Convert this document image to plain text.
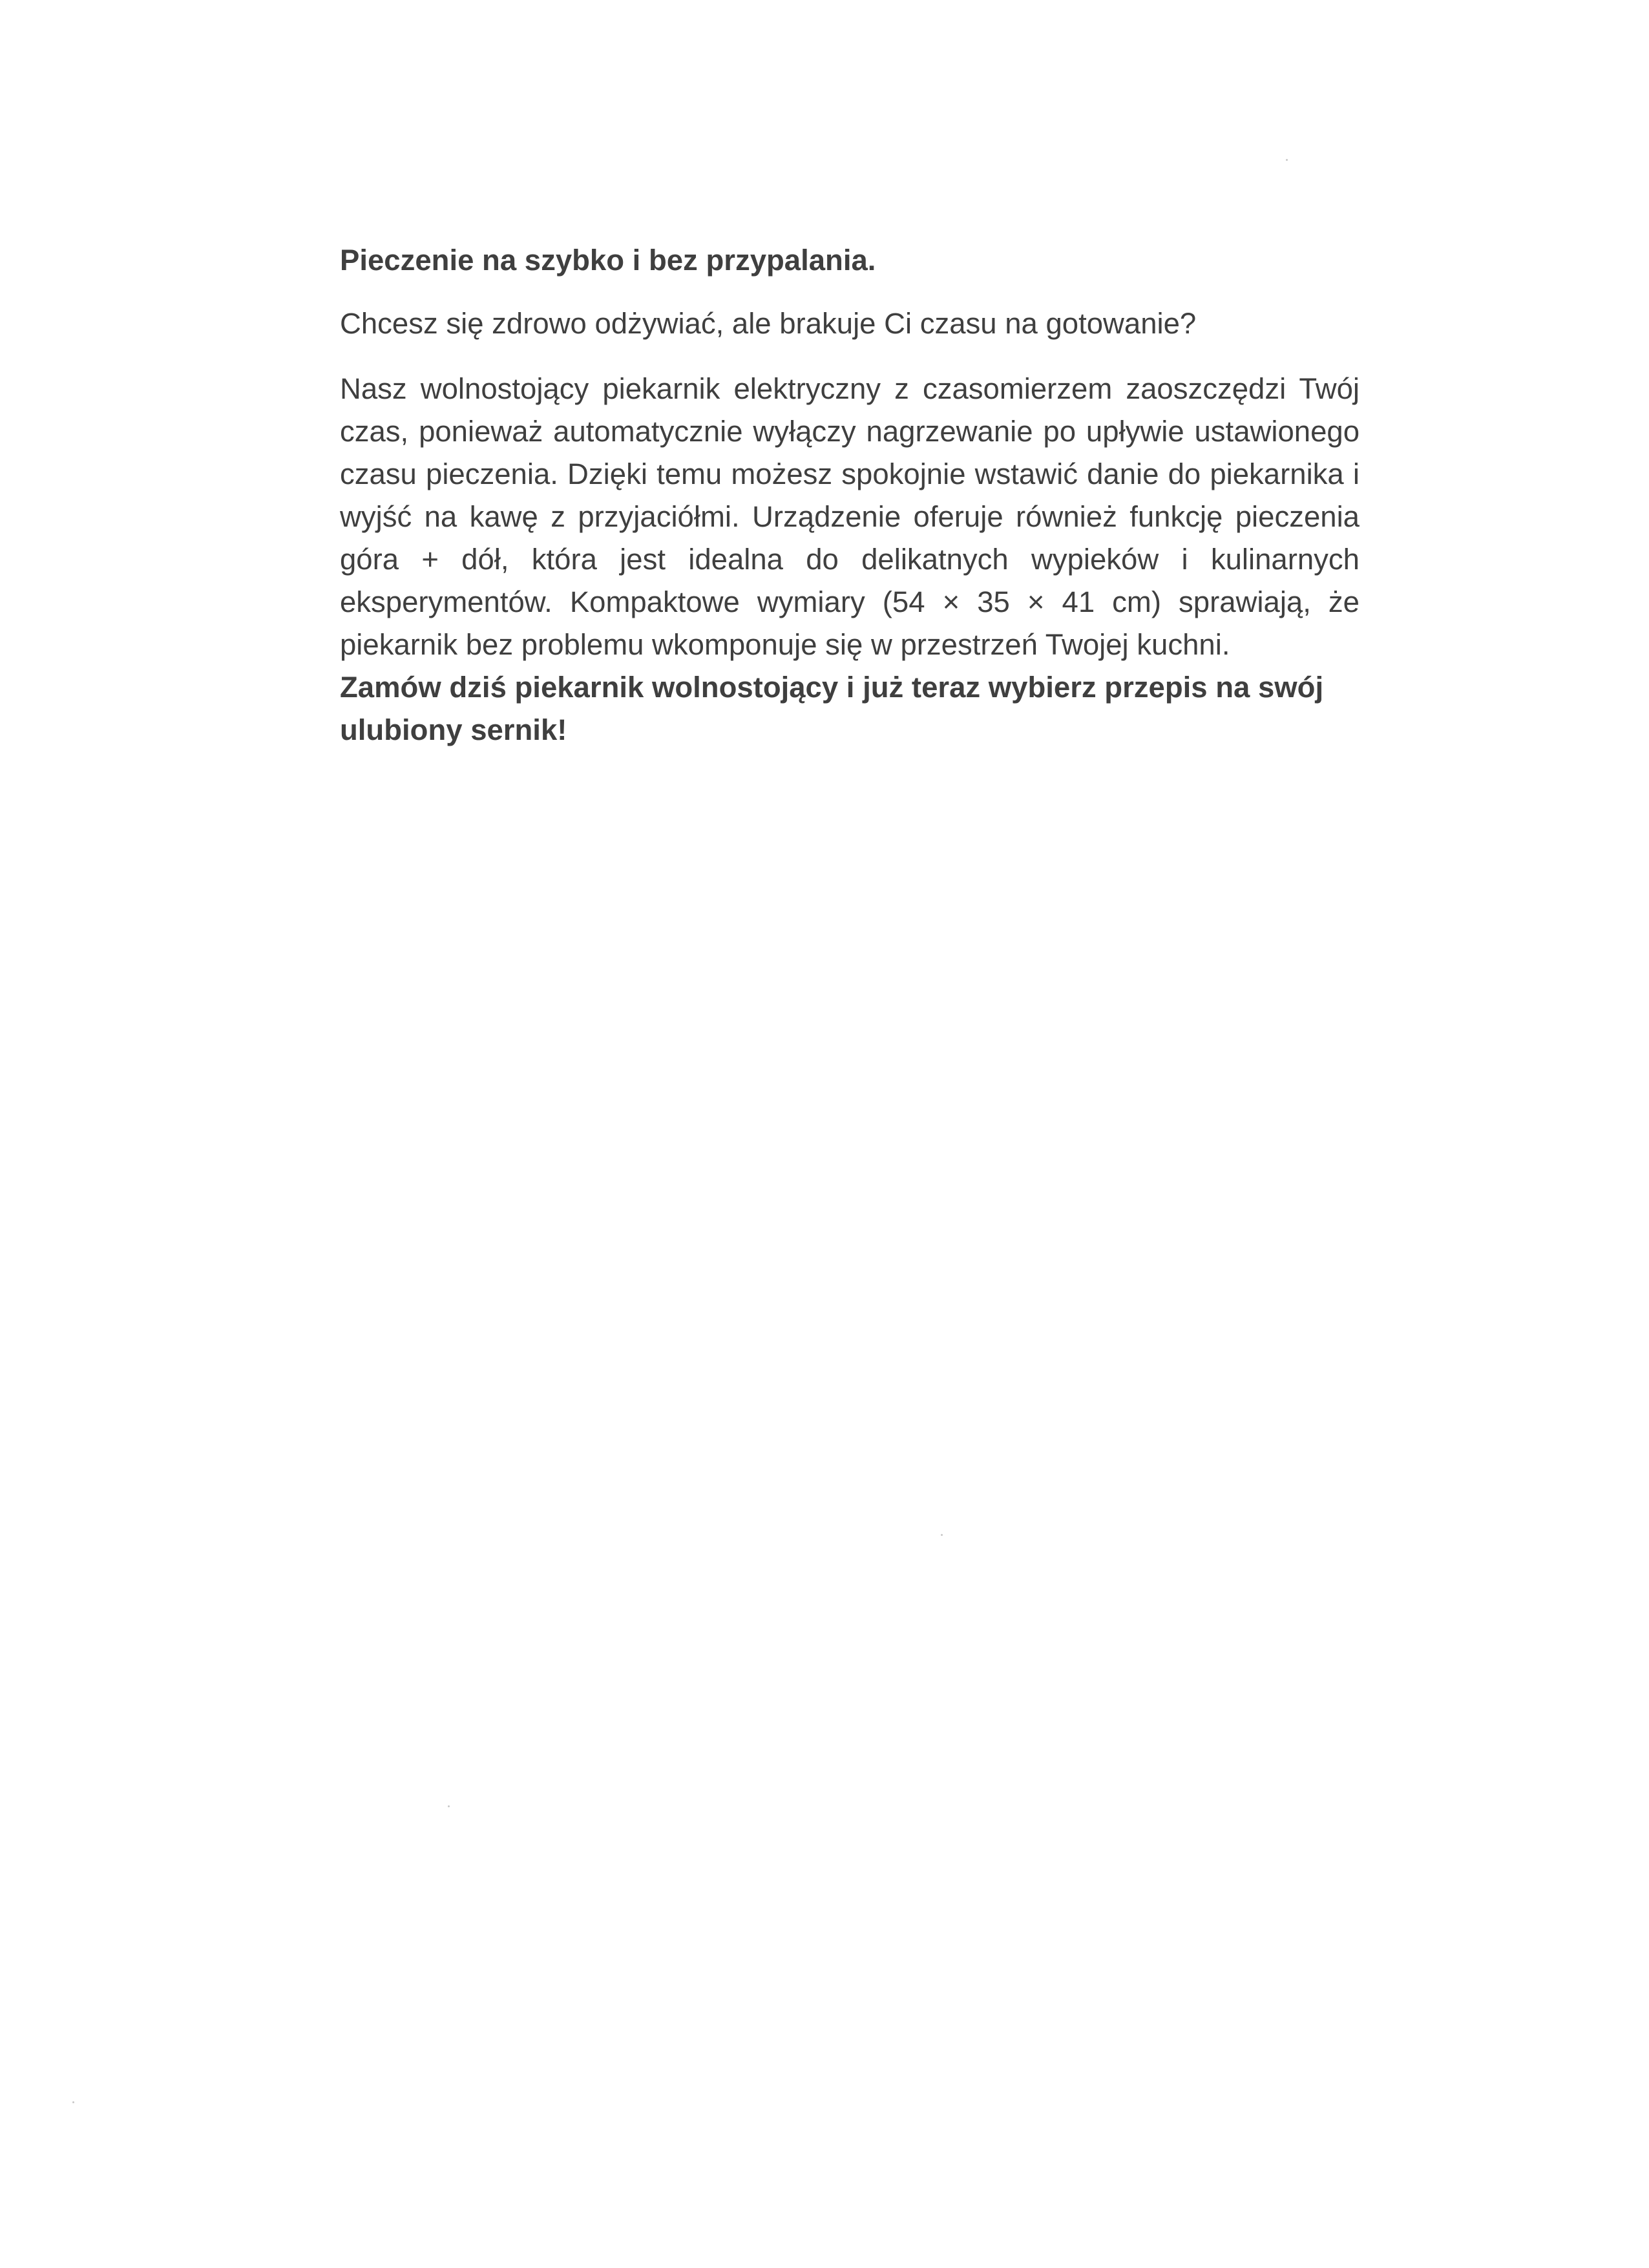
Pieczenie na szybko i bez przypalania.

Chcesz się zdrowo odżywiać, ale brakuje Ci czasu na gotowanie?

Nasz wolnostojący piekarnik elektryczny z czasomierzem zaoszczędzi Twój czas, ponieważ automatycznie wyłączy nagrzewanie po upływie ustawionego czasu pieczenia. Dzięki temu możesz spokojnie wstawić danie do piekarnika i wyjść na kawę z przyjaciółmi. Urządzenie oferuje również funkcję pieczenia góra + dół, która jest idealna do delikatnych wypieków i kulinarnych eksperymentów. Kompaktowe wymiary (54 × 35 × 41 cm) sprawiają, że piekarnik bez problemu wkomponuje się w przestrzeń Twojej kuchni.

Zamów dziś piekarnik wolnostojący i już teraz wybierz przepis na swój ulubiony sernik!
